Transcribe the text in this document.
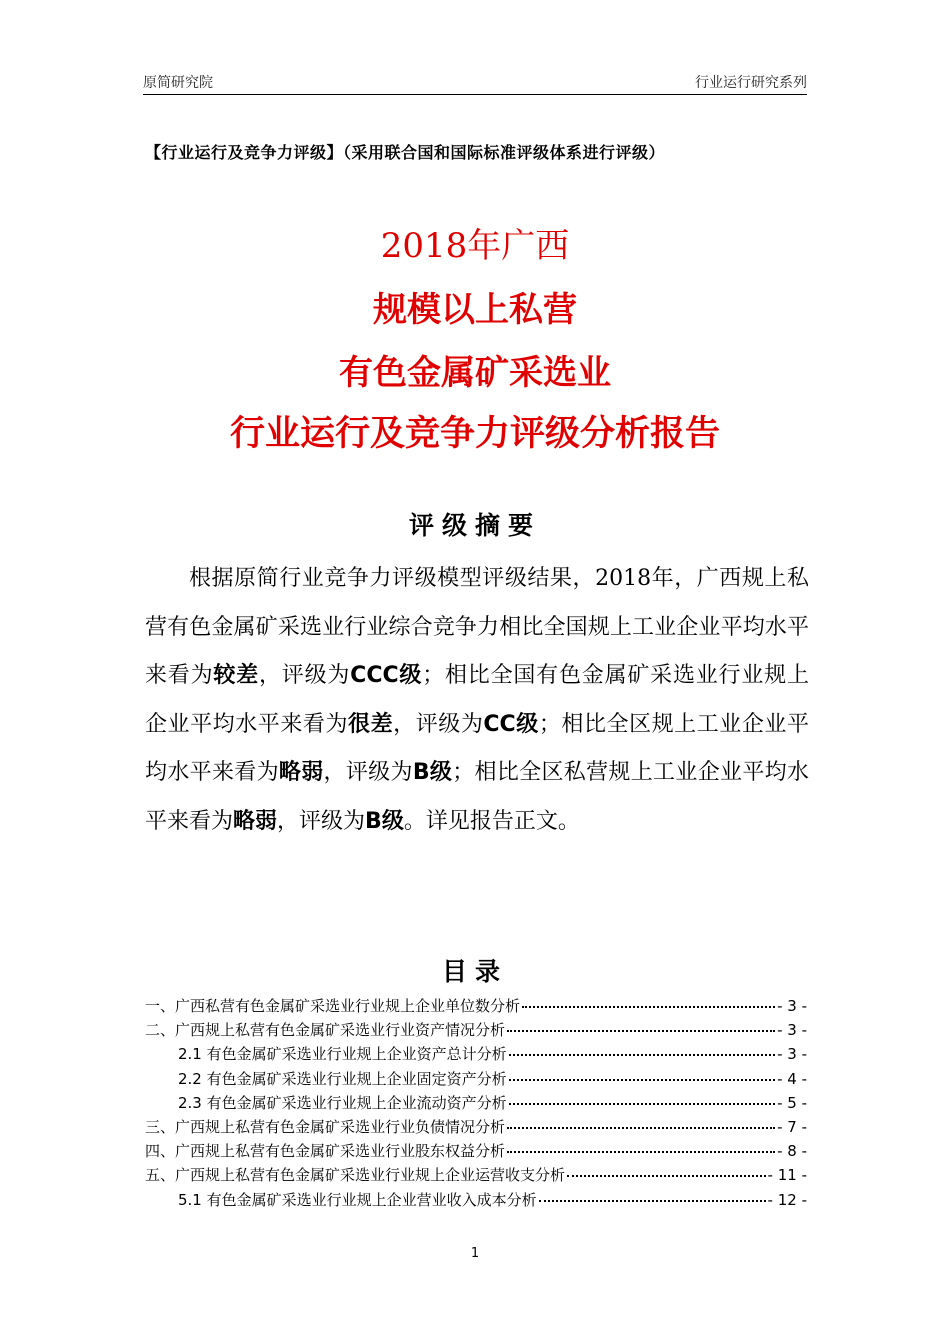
原简研究院	行业运行研究系列
【行业运行及竞争力评级】（采用联合国和国际标准评级体系进行评级）
2018年广西
规模以上私营
有色金属矿采选业
行业运行及竞争力评级分析报告
评级摘要
根据原简行业竞争力评级模型评级结果，2018年，广西规上私营有色金属矿采选业行业综合竞争力相比全国规上工业企业平均水平来看为较差，评级为CCC级；相比全国有色金属矿采选业行业规上企业平均水平来看为很差，评级为CC级；相比全区规上工业企业平均水平来看为略弱，评级为B级；相比全区私营规上工业企业平均水平来看为略弱，评级为B级。详见报告正文。
目录
一、广西私营有色金属矿采选业行业规上企业单位数分析	- 3 -
二、广西规上私营有色金属矿采选业行业资产情况分析	- 3 -
2.1 有色金属矿采选业行业规上企业资产总计分析	- 3 -
2.2 有色金属矿采选业行业规上企业固定资产分析	- 4 -
2.3 有色金属矿采选业行业规上企业流动资产分析	- 5 -
三、广西规上私营有色金属矿采选业行业负债情况分析	- 7 -
四、广西规上私营有色金属矿采选业行业股东权益分析	- 8 -
五、广西规上私营有色金属矿采选业行业规上企业运营收支分析	- 11 -
5.1 有色金属矿采选业行业规上企业营业收入成本分析	- 12 -
1
